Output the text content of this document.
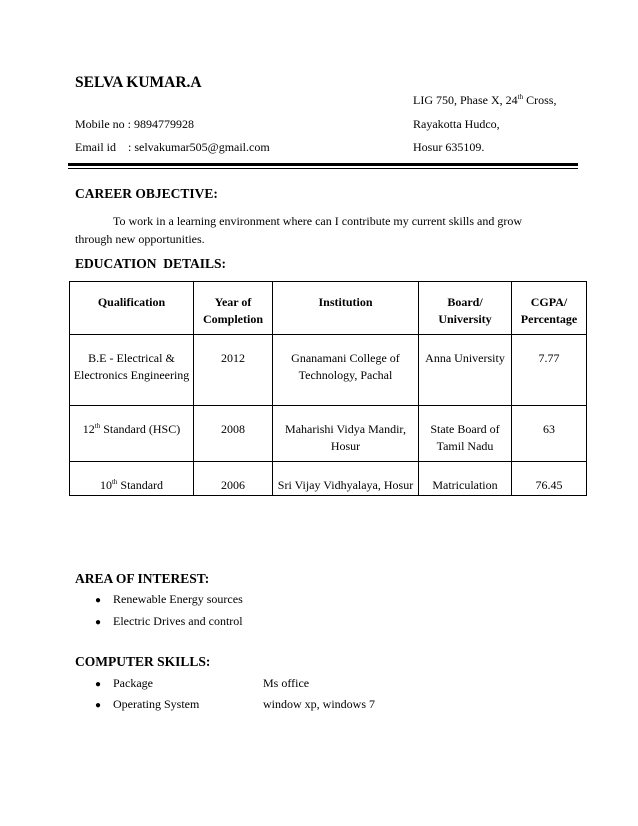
SELVA KUMAR.A
LIG 750, Phase X, 24th Cross,
Mobile no : 9894779928	Rayakotta Hudco,
Email id    : selvakumar505@gmail.com	Hosur 635109.
CAREER OBJECTIVE:
To work in a learning environment where can I contribute my current skills and grow through new opportunities.
EDUCATION  DETAILS:
Qualification	Year of Completion	Institution	Board/ University	CGPA/ Percentage
B.E - Electrical & Electronics Engineering	2012	Gnanamani College of Technology, Pachal	Anna University	7.77
12th Standard (HSC)	2008	Maharishi Vidya Mandir, Hosur	State Board of Tamil Nadu	63
10th Standard	2006	Sri Vijay Vidhyalaya, Hosur	Matriculation	76.45
AREA OF INTEREST:
● Renewable Energy sources
● Electric Drives and control
COMPUTER SKILLS:
● Package	Ms office
● Operating System	window xp, windows 7
